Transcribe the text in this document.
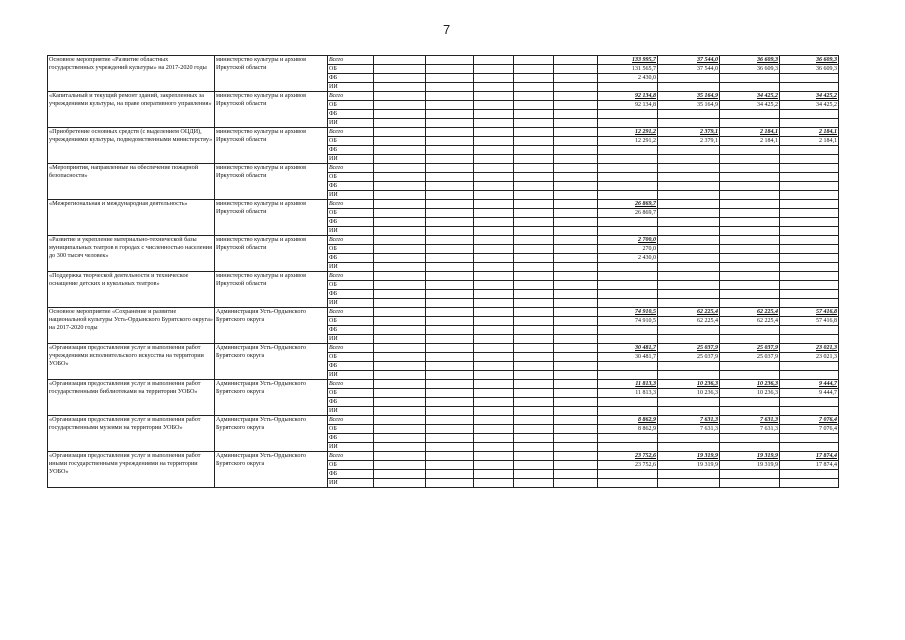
7
Основное мероприятие «Развитие областных государственных учреждений культуры» на 2017-2020 годы	министерство культуры и архивов Иркутской области	Всего						133 995,7	37 544,0	36 609,3	36 609,3
		ОБ						131 565,7	37 544,0	36 609,3	36 609,3
		ФБ						2 430,0			
		ИИ									
«Капитальный и текущий ремонт зданий, закрепленных за учреждениями культуры, на праве оперативного управления»	министерство культуры и архивов Иркутской области	Всего						92 134,8	35 164,9	34 425,2	34 425,2
		ОБ						92 134,8	35 164,9	34 425,2	34 425,2
		ФБ									
		ИИ									
«Приобретение основных средств (с выделением ОЦДИ), учреждениями культуры, подведомственными министерству»	министерство культуры и архивов Иркутской области	Всего						12 291,2	2 379,1	2 184,1	2 184,1
		ОБ						12 291,2	2 379,1	2 184,1	2 184,1
		ФБ									
		ИИ									
«Мероприятия, направленные на обеспечение пожарной безопасности»	министерство культуры и архивов Иркутской области	Всего									
		ОБ									
		ФБ									
		ИИ									
«Межрегиональная и международная деятельность»	министерство культуры и архивов Иркутской области	Всего						26 869,7			
		ОБ						26 869,7			
		ФБ									
		ИИ									
«Развитие и укрепление материально-технической базы муниципальных театров в городах с численностью населения до 300 тысяч человек»	министерство культуры и архивов Иркутской области	Всего						2 700,0			
		ОБ						270,0			
		ФБ						2 430,0			
		ИИ									
«Поддержка творческой деятельности и техническое оснащение детских и кукольных театров»	министерство культуры и архивов Иркутской области	Всего									
		ОБ									
		ФБ									
		ИИ									
Основное мероприятие «Сохранение и развитие национальной культуры Усть-Ордынского Бурятского округа» на 2017-2020 годы	Администрация Усть-Ордынского Бурятского округа	Всего						74 910,5	62 225,4	62 225,4	57 416,8
		ОБ						74 910,5	62 225,4	62 225,4	57 416,8
		ФБ									
		ИИ									
«Организация предоставления услуг и выполнения работ учреждениями исполнительского искусства на территории УОБО»	Администрация Усть-Ордынского Бурятского округа	Всего						30 481,7	25 037,9	25 037,9	23 021,3
		ОБ						30 481,7	25 037,9	25 037,9	23 021,3
		ФБ									
		ИИ									
«Организация предоставления услуг и выполнения работ государственными библиотеками на территории УОБО»	Администрация Усть-Ордынского Бурятского округа	Всего						11 813,3	10 236,3	10 236,3	9 444,7
		ОБ						11 813,3	10 236,3	10 236,3	9 444,7
		ФБ									
		ИИ									
«Организация предоставления услуг и выполнения работ государственными музеями на территории УОБО»	Администрация Усть-Ордынского Бурятского округа	Всего						8 862,9	7 631,3	7 631,3	7 076,4
		ОБ						8 862,9	7 631,3	7 631,3	7 076,4
		ФБ									
		ИИ									
«Организация предоставления услуг и выполнения работ иными государственными учреждениями на территории УОБО»	Администрация Усть-Ордынского Бурятского округа	Всего						23 752,6	19 319,9	19 319,9	17 874,4
		ОБ						23 752,6	19 319,9	19 319,9	17 874,4
		ФБ									
		ИИ									
